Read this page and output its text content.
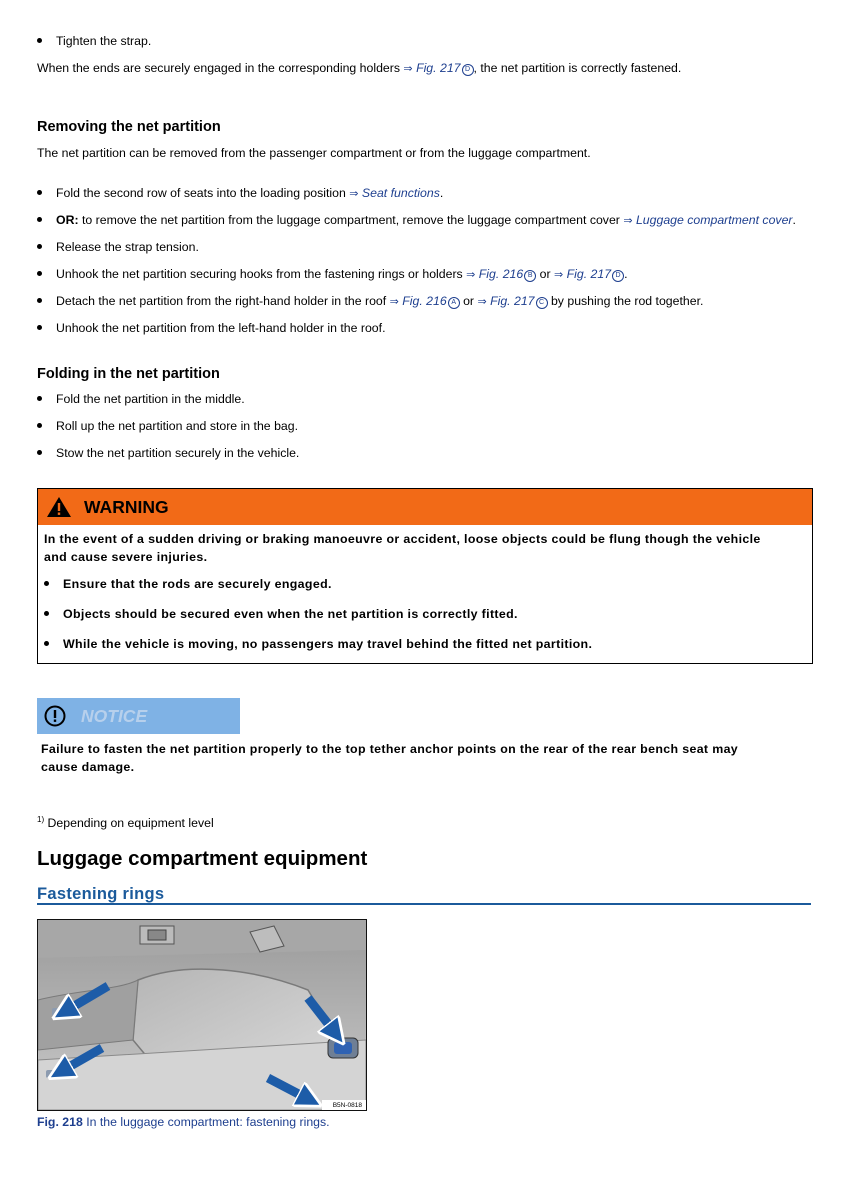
Tighten the strap.
When the ends are securely engaged in the corresponding holders ⇒ Fig. 217 D , the net partition is correctly fastened.
Removing the net partition
The net partition can be removed from the passenger compartment or from the luggage compartment.
Fold the second row of seats into the loading position ⇒ Seat functions.
OR: to remove the net partition from the luggage compartment, remove the luggage compartment cover ⇒ Luggage compartment cover.
Release the strap tension.
Unhook the net partition securing hooks from the fastening rings or holders ⇒ Fig. 216 B or ⇒ Fig. 217 D .
Detach the net partition from the right-hand holder in the roof ⇒ Fig. 216 A or ⇒ Fig. 217 C by pushing the rod together.
Unhook the net partition from the left-hand holder in the roof.
Folding in the net partition
Fold the net partition in the middle.
Roll up the net partition and store in the bag.
Stow the net partition securely in the vehicle.
WARNING
In the event of a sudden driving or braking manoeuvre or accident, loose objects could be flung though the vehicle
and cause severe injuries.
Ensure that the rods are securely engaged.
Objects should be secured even when the net partition is correctly fitted.
While the vehicle is moving, no passengers may travel behind the fitted net partition.
NOTICE
Failure to fasten the net partition properly to the top tether anchor points on the rear of the rear bench seat may
cause damage.
$^{1)}$ Depending on equipment level
Luggage compartment equipment
Fastening rings
B5N-0818
Fig. 218 In the luggage compartment: fastening rings.
